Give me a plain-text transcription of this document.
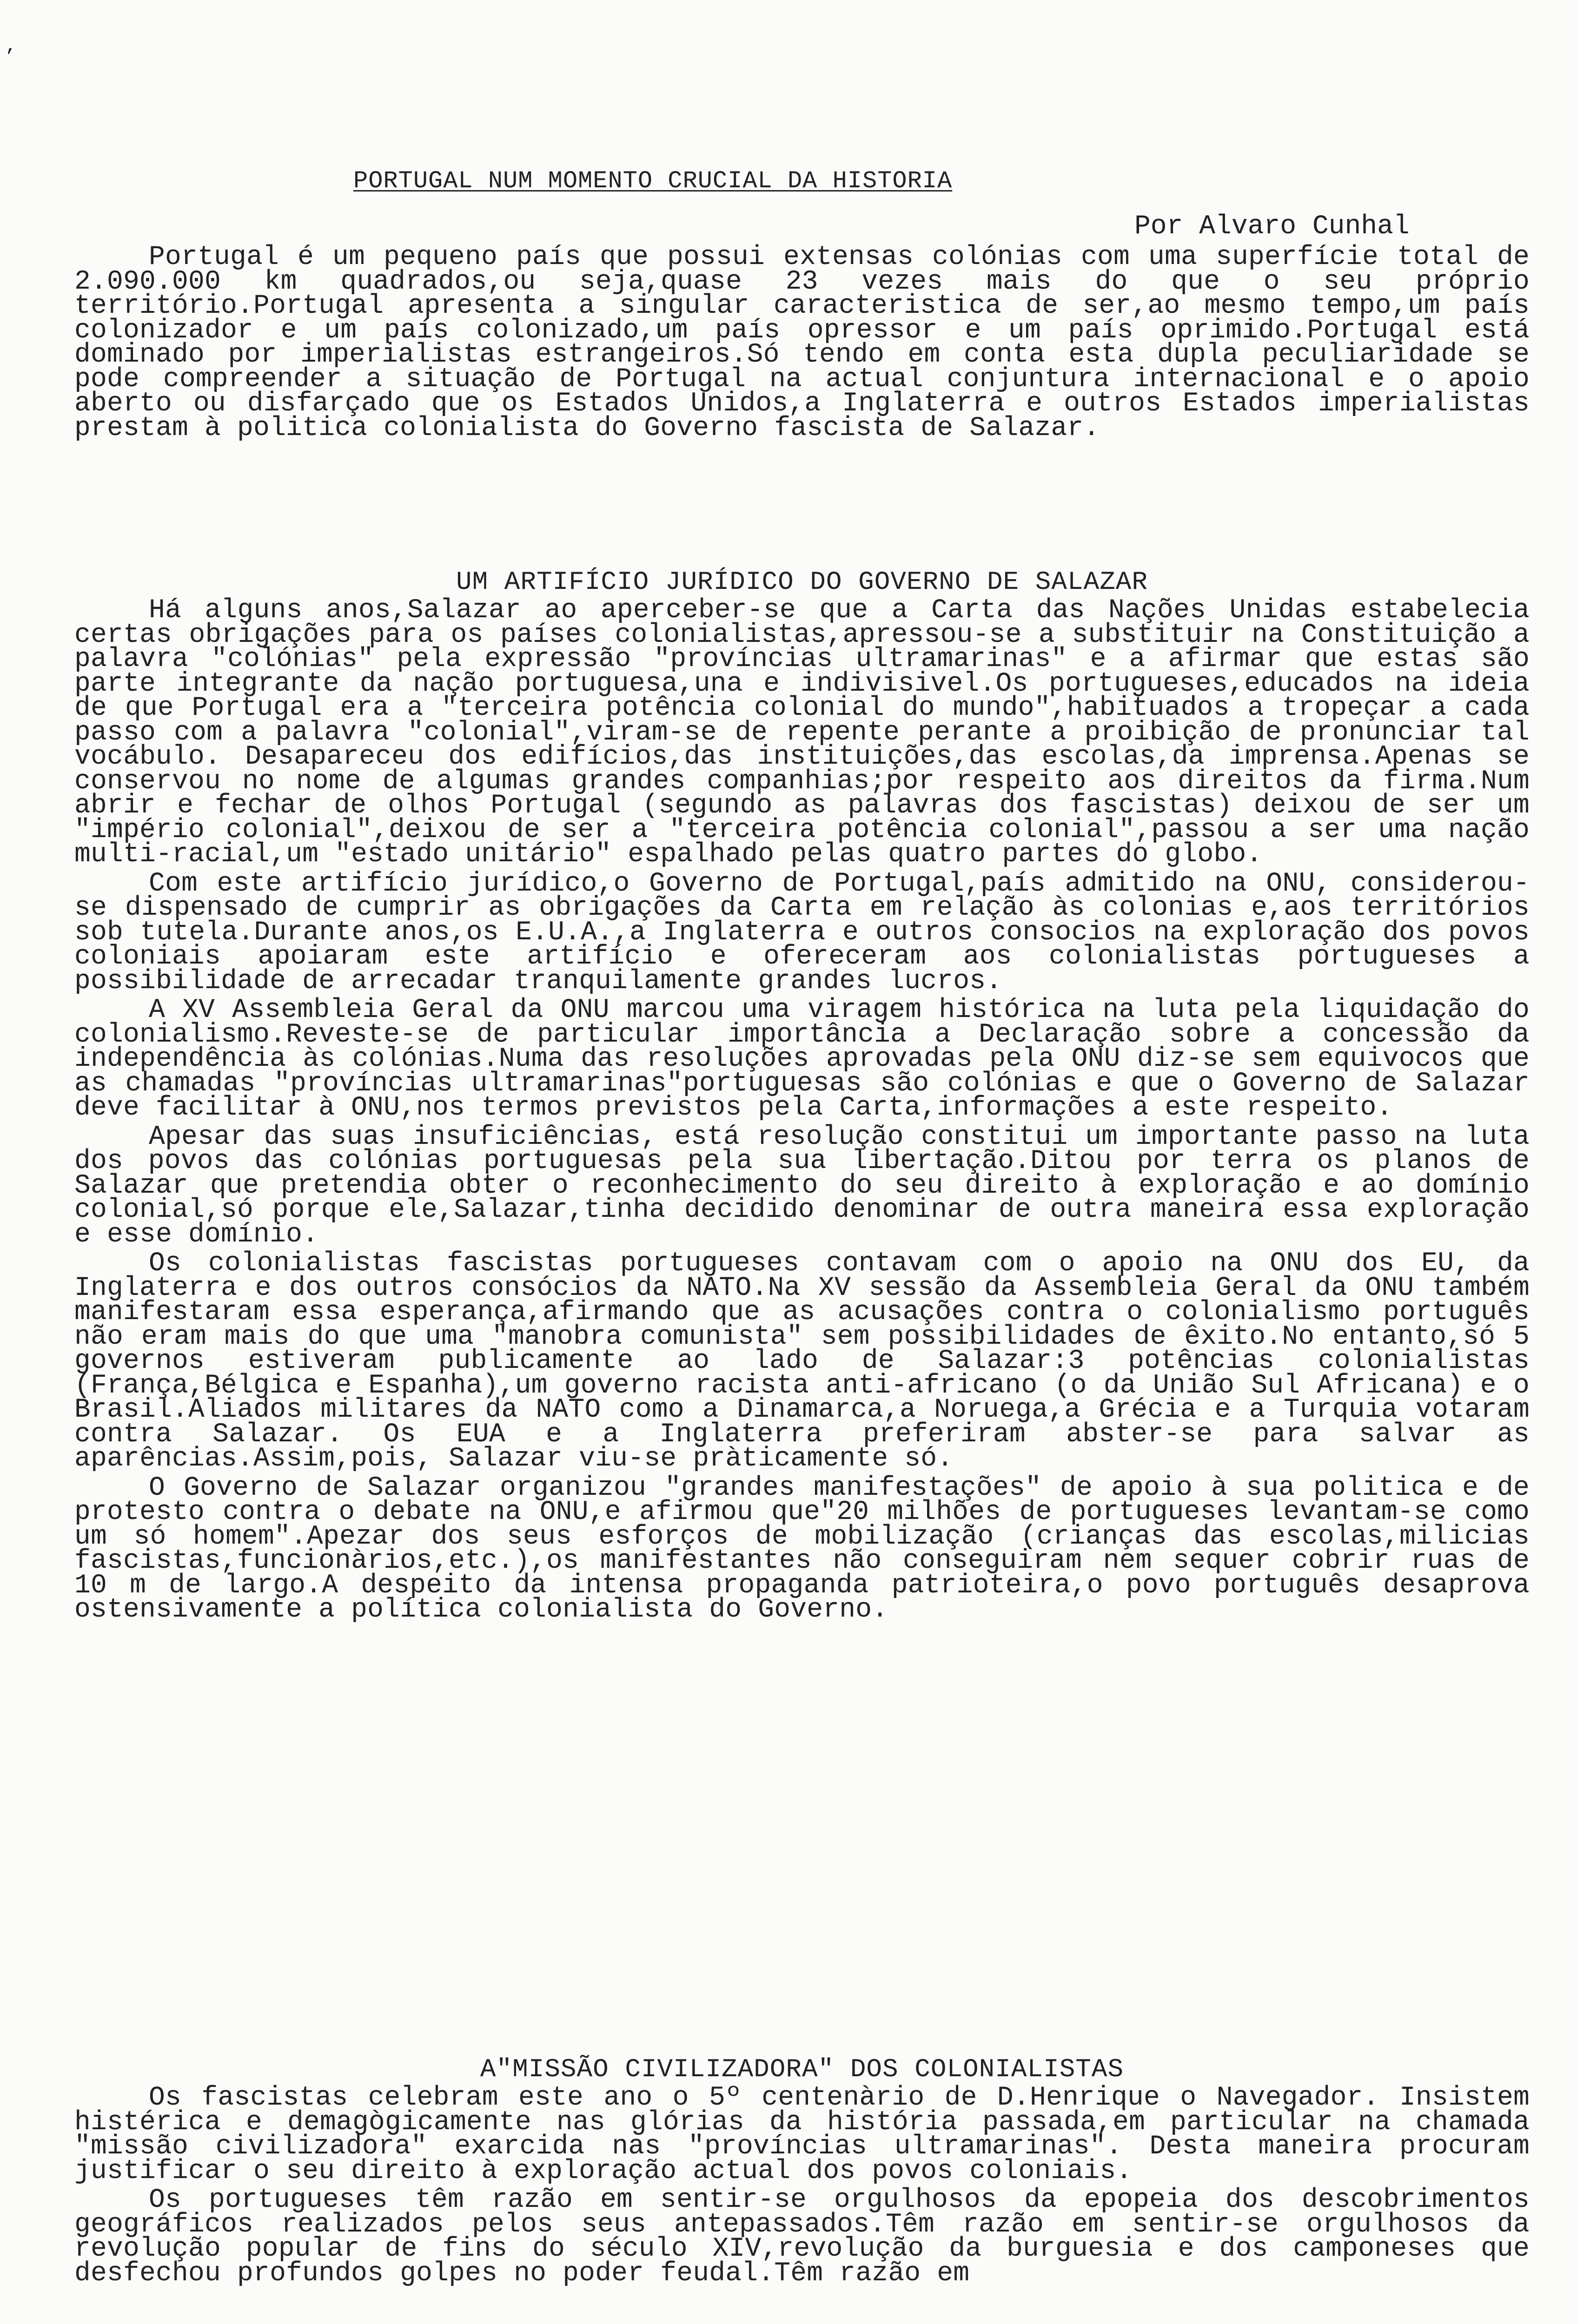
‚
PORTUGAL NUM MOMENTO CRUCIAL DA HISTORIA
Por Alvaro Cunhal

Portugal é um pequeno país que possui extensas colónias com uma superfície total de 2.090.000 km quadrados,ou seja,quase 23 vezes mais do que o seu próprio território.Portugal apresenta a singular caracteristica de ser,ao mesmo tempo,um país colonizador e um país colonizado,um país opressor e um país oprimido.Portugal está dominado por imperialistas estrangeiros.Só tendo em conta esta dupla peculiaridade se pode compreender a situação de Portugal na actual conjuntura internacional e o apoio aberto ou disfarçado que os Estados Unidos,a Inglaterra e outros Estados imperialistas prestam à politica colonialista do Governo fascista de Salazar.

UM ARTIFÍCIO JURÍDICO DO GOVERNO DE SALAZAR

Há alguns anos,Salazar ao aperceber-se que a Carta das Nações Unidas estabelecia certas obrigações para os países colonialistas,apressou-se a substituir na Constituição a palavra "colónias" pela expressão "províncias ultramarinas" e a afirmar que estas são parte integrante da nação portuguesa,una e indivisivel.Os portugueses,educados na ideia de que Portugal era a "terceira potência colonial do mundo",habituados a tropeçar a cada passo com a palavra "colonial",viram-se de repente perante a proibição de pronunciar tal vocábulo. Desapareceu dos edifícios,das instituições,das escolas,da imprensa.Apenas se conservou no nome de algumas grandes companhias;por respeito aos direitos da firma.Num abrir e fechar de olhos Portugal (segundo as palavras dos fascistas) deixou de ser um "império colonial",deixou de ser a "terceira potência colonial",passou a ser uma nação multi-racial,um "estado unitário" espalhado pelas quatro partes do globo.

Com este artifício jurídico,o Governo de Portugal,país admitido na ONU, considerou-se dispensado de cumprir as obrigações da Carta em relação às colonias e,aos territórios sob tutela.Durante anos,os E.U.A.,a Inglaterra e outros consocios na exploração dos povos coloniais apoiaram este artifício e ofereceram aos colonialistas portugueses a possibilidade de arrecadar tranquilamente grandes lucros.

A XV Assembleia Geral da ONU marcou uma viragem histórica na luta pela liquidação do colonialismo.Reveste-se de particular importância a Declaração sobre a concessão da independência às colónias.Numa das resoluções aprovadas pela ONU diz-se sem equivocos que as chamadas "províncias ultramarinas"portuguesas são colónias e que o Governo de Salazar deve facilitar à ONU,nos termos previstos pela Carta,informações a este respeito.

Apesar das suas insuficiências, está resolução constitui um importante passo na luta dos povos das colónias portuguesas pela sua libertação.Ditou por terra os planos de Salazar que pretendia obter o reconhecimento do seu direito à exploração e ao domínio colonial,só porque ele,Salazar,tinha decidido denominar de outra maneira essa exploração e esse domínio.

Os colonialistas fascistas portugueses contavam com o apoio na ONU dos EU, da Inglaterra e dos outros consócios da NATO.Na XV sessão da Assembleia Geral da ONU também manifestaram essa esperança,afirmando que as acusações contra o colonialismo português não eram mais do que uma "manobra comunista" sem possibilidades de êxito.No entanto,só 5 governos estiveram publicamente ao lado de Salazar:3 potências colonialistas (França,Bélgica e Espanha),um governo racista anti-africano (o da União Sul Africana) e o Brasil.Aliados militares da NATO como a Dinamarca,a Noruega,a Grécia e a Turquia votaram contra Salazar. Os EUA e a Inglaterra preferiram abster-se para salvar as aparências.Assim,pois, Salazar viu-se pràticamente só.

O Governo de Salazar organizou "grandes manifestações" de apoio à sua politica e de protesto contra o debate na ONU,e afirmou que"20 milhões de portugueses levantam-se como um só homem".Apezar dos seus esforços de mobilização (crianças das escolas,milicias fascistas,funcionàrios,etc.),os manifestantes não conseguiram nem sequer cobrir ruas de 10 m de largo.A despeito da intensa propaganda patrioteira,o povo português desaprova ostensivamente a política colonialista do Governo.

A"MISSÃO CIVILIZADORA" DOS COLONIALISTAS

Os fascistas celebram este ano o 5º centenàrio de D.Henrique o Navegador. Insistem histérica e demagògicamente nas glórias da história passada,em particular na chamada "missão civilizadora" exarcida nas "províncias ultramarinas". Desta maneira procuram justificar o seu direito à exploração actual dos povos coloniais.

Os portugueses têm razão em sentir-se orgulhosos da epopeia dos descobrimentos geográficos realizados pelos seus antepassados.Têm razão em sentir-se orgulhosos da revolução popular de fins do século XIV,revolução da burguesia e dos camponeses que desfechou profundos golpes no poder feudal.Têm razão em
